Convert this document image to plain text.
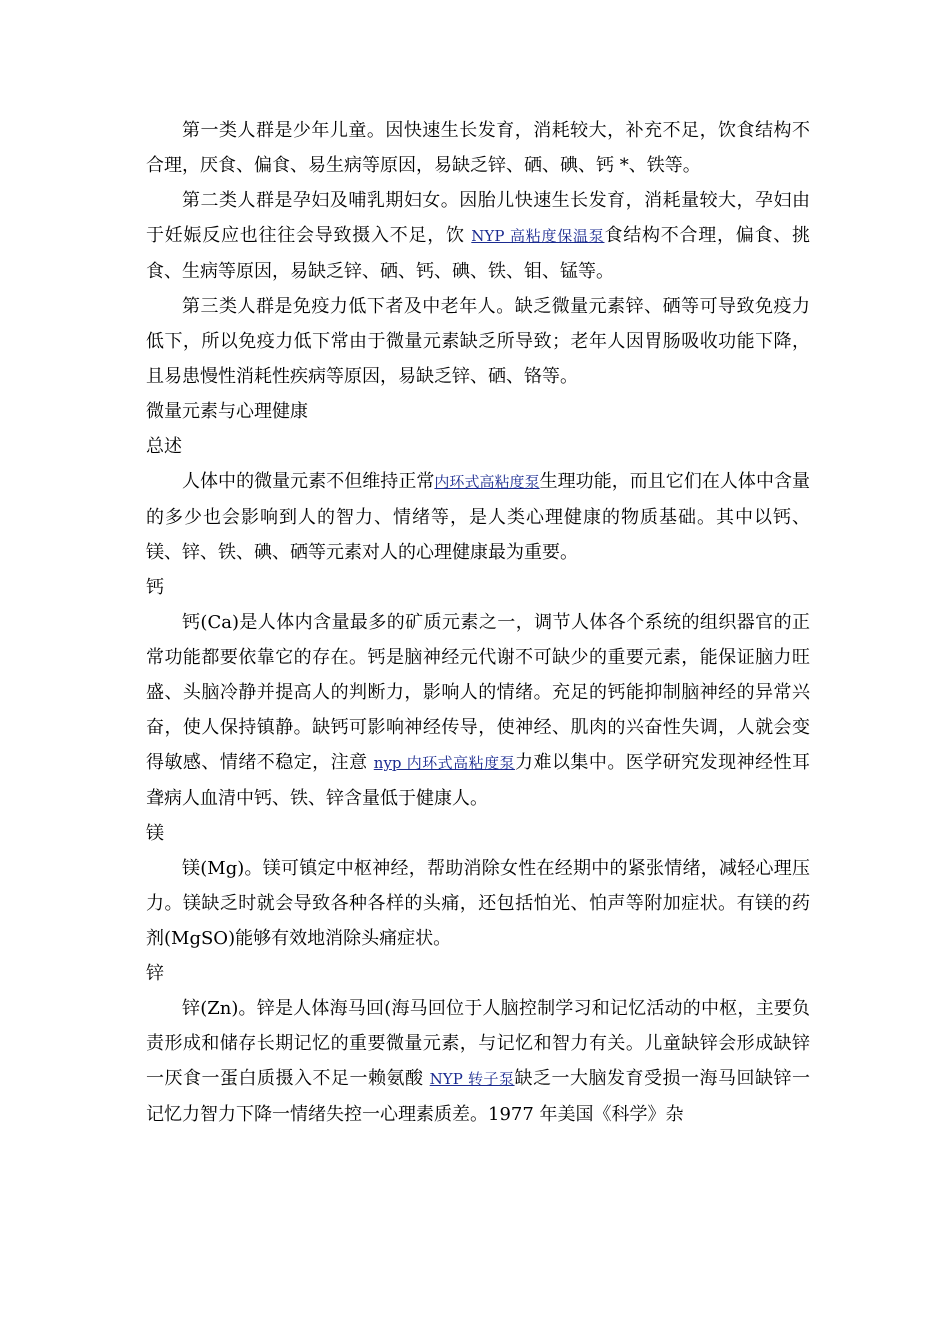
第一类人群是少年儿童。因快速生长发育，消耗较大，补充不足，饮食结构不合理，厌食、偏食、易生病等原因，易缺乏锌、硒、碘、钙 *、铁等。

第二类人群是孕妇及哺乳期妇女。因胎儿快速生长发育，消耗量较大，孕妇由于妊娠反应也往往会导致摄入不足，饮 NYP 高粘度保温泵食结构不合理，偏食、挑食、生病等原因，易缺乏锌、硒、钙、碘、铁、钼、锰等。

第三类人群是免疫力低下者及中老年人。缺乏微量元素锌、硒等可导致免疫力低下，所以免疫力低下常由于微量元素缺乏所导致；老年人因胃肠吸收功能下降，且易患慢性消耗性疾病等原因，易缺乏锌、硒、铬等。

微量元素与心理健康

总述

人体中的微量元素不但维持正常内环式高粘度泵生理功能，而且它们在人体中含量的多少也会影响到人的智力、情绪等，是人类心理健康的物质基础。其中以钙、镁、锌、铁、碘、硒等元素对人的心理健康最为重要。

钙

钙(Ca)是人体内含量最多的矿质元素之一，调节人体各个系统的组织器官的正常功能都要依靠它的存在。钙是脑神经元代谢不可缺少的重要元素，能保证脑力旺盛、头脑冷静并提高人的判断力，影响人的情绪。充足的钙能抑制脑神经的异常兴奋，使人保持镇静。缺钙可影响神经传导，使神经、肌肉的兴奋性失调，人就会变得敏感、情绪不稳定，注意 nyp 内环式高粘度泵力难以集中。医学研究发现神经性耳聋病人血清中钙、铁、锌含量低于健康人。

镁

镁(Mg)。镁可镇定中枢神经，帮助消除女性在经期中的紧张情绪，减轻心理压力。镁缺乏时就会导致各种各样的头痛，还包括怕光、怕声等附加症状。有镁的药剂(MgSO)能够有效地消除头痛症状。

锌

锌(Zn)。锌是人体海马回(海马回位于人脑控制学习和记忆活动的中枢，主要负责形成和储存长期记忆的重要微量元素，与记忆和智力有关。儿童缺锌会形成缺锌一厌食一蛋白质摄入不足一赖氨酸 NYP 转子泵缺乏一大脑发育受损一海马回缺锌一记忆力智力下降一情绪失控一心理素质差。1977 年美国《科学》杂
